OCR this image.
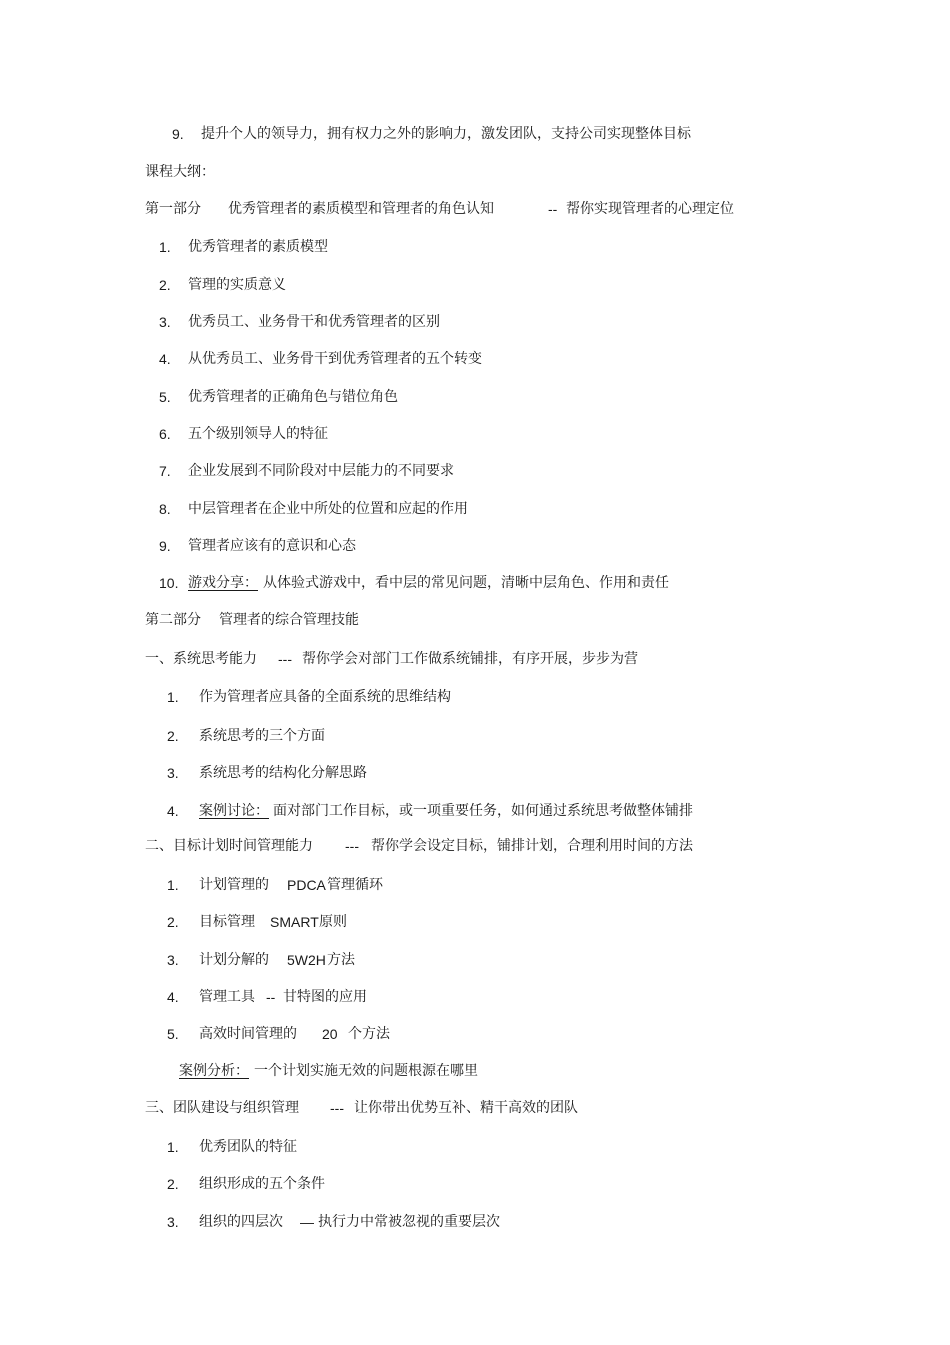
9. 提升个人的领导力，拥有权力之外的影响力，激发团队，支持公司实现整体目标
课程大纲：
第一部分 优秀管理者的素质模型和管理者的角色认知	-- 帮你实现管理者的心理定位
1. 优秀管理者的素质模型
2. 管理的实质意义
3. 优秀员工、业务骨干和优秀管理者的区别
4. 从优秀员工、业务骨干到优秀管理者的五个转变
5. 优秀管理者的正确角色与错位角色
6. 五个级别领导人的特征
7. 企业发展到不同阶段对中层能力的不同要求
8. 中层管理者在企业中所处的位置和应起的作用
9. 管理者应该有的意识和心态
10. 游戏分享： 从体验式游戏中，看中层的常见问题，清晰中层角色、作用和责任
第二部分 管理者的综合管理技能
一、系统思考能力 --- 帮你学会对部门工作做系统铺排，有序开展，步步为营
1. 作为管理者应具备的全面系统的思维结构
2. 系统思考的三个方面
3. 系统思考的结构化分解思路
4. 案例讨论： 面对部门工作目标，或一项重要任务，如何通过系统思考做整体铺排
二、目标计划时间管理能力 --- 帮你学会设定目标，铺排计划，合理利用时间的方法
1. 计划管理的 PDCA 管理循环
2. 目标管理 SMART 原则
3. 计划分解的 5W2H 方法
4. 管理工具 -- 甘特图的应用
5. 高效时间管理的 20 个方法
案例分析： 一个计划实施无效的问题根源在哪里
三、团队建设与组织管理 --- 让你带出优势互补、精干高效的团队
1. 优秀团队的特征
2. 组织形成的五个条件
3. 组织的四层次 — 执行力中常被忽视的重要层次
